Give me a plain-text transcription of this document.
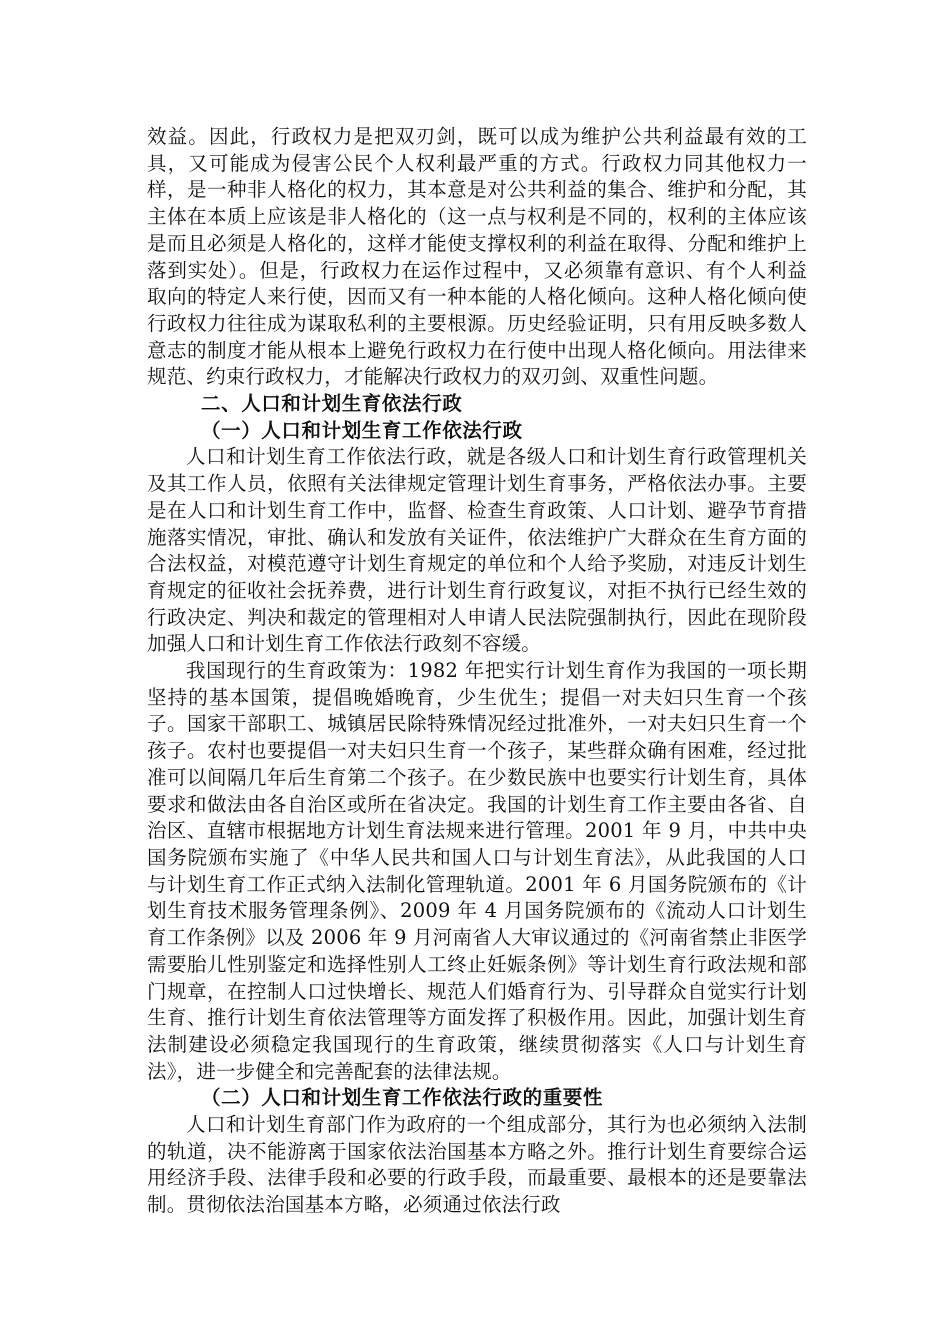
效益。因此，行政权力是把双刃剑，既可以成为维护公共利益最有效的工具，又可能成为侵害公民个人权利最严重的方式。行政权力同其他权力一样，是一种非人格化的权力，其本意是对公共利益的集合、维护和分配，其主体在本质上应该是非人格化的（这一点与权利是不同的，权利的主体应该是而且必须是人格化的，这样才能使支撑权利的利益在取得、分配和维护上落到实处）。但是，行政权力在运作过程中，又必须靠有意识、有个人利益取向的特定人来行使，因而又有一种本能的人格化倾向。这种人格化倾向使行政权力往往成为谋取私利的主要根源。历史经验证明，只有用反映多数人意志的制度才能从根本上避免行政权力在行使中出现人格化倾向。用法律来规范、约束行政权力，才能解决行政权力的双刃剑、双重性问题。

二、人口和计划生育依法行政
（一）人口和计划生育工作依法行政

人口和计划生育工作依法行政，就是各级人口和计划生育行政管理机关及其工作人员，依照有关法律规定管理计划生育事务，严格依法办事。主要是在人口和计划生育工作中，监督、检查生育政策、人口计划、避孕节育措施落实情况，审批、确认和发放有关证件，依法维护广大群众在生育方面的合法权益，对模范遵守计划生育规定的单位和个人给予奖励，对违反计划生育规定的征收社会抚养费，进行计划生育行政复议，对拒不执行已经生效的行政决定、判决和裁定的管理相对人申请人民法院强制执行，因此在现阶段加强人口和计划生育工作依法行政刻不容缓。

我国现行的生育政策为：1982 年把实行计划生育作为我国的一项长期坚持的基本国策，提倡晚婚晚育，少生优生；提倡一对夫妇只生育一个孩子。国家干部职工、城镇居民除特殊情况经过批准外，一对夫妇只生育一个孩子。农村也要提倡一对夫妇只生育一个孩子，某些群众确有困难，经过批准可以间隔几年后生育第二个孩子。在少数民族中也要实行计划生育，具体要求和做法由各自治区或所在省决定。我国的计划生育工作主要由各省、自治区、直辖市根据地方计划生育法规来进行管理。2001 年 9 月，中共中央国务院颁布实施了《中华人民共和国人口与计划生育法》，从此我国的人口与计划生育工作正式纳入法制化管理轨道。2001 年 6 月国务院颁布的《计划生育技术服务管理条例》、2009 年 4 月国务院颁布的《流动人口计划生育工作条例》以及 2006 年 9 月河南省人大审议通过的《河南省禁止非医学需要胎儿性别鉴定和选择性别人工终止妊娠条例》等计划生育行政法规和部门规章，在控制人口过快增长、规范人们婚育行为、引导群众自觉实行计划生育、推行计划生育依法管理等方面发挥了积极作用。因此，加强计划生育法制建设必须稳定我国现行的生育政策，继续贯彻落实《人口与计划生育法》，进一步健全和完善配套的法律法规。

（二）人口和计划生育工作依法行政的重要性

人口和计划生育部门作为政府的一个组成部分，其行为也必须纳入法制的轨道，决不能游离于国家依法治国基本方略之外。推行计划生育要综合运用经济手段、法律手段和必要的行政手段，而最重要、最根本的还是要靠法制。贯彻依法治国基本方略，必须通过依法行政
